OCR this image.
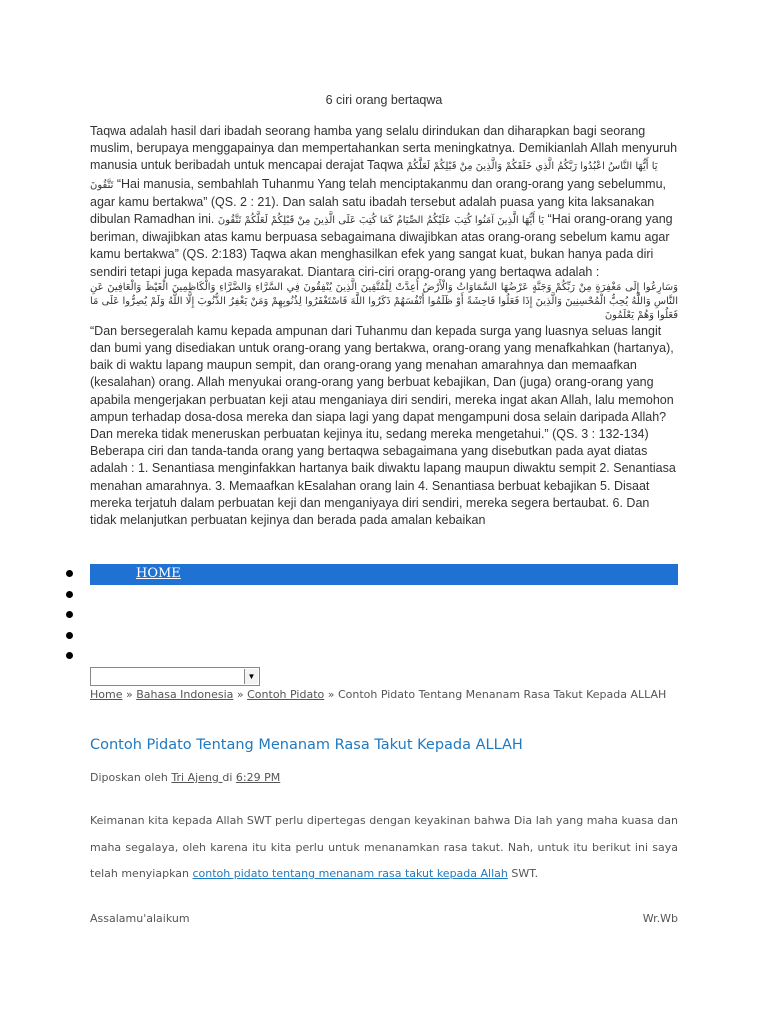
6 ciri orang bertaqwa

Taqwa adalah hasil dari ibadah seorang hamba yang selalu dirindukan dan diharapkan bagi seorang muslim, berupaya menggapainya dan mempertahankan serta meningkatnya. Demikianlah Allah menyuruh manusia untuk beribadah untuk mencapai derajat Taqwa يَا أَيُّهَا النَّاسُ اعْبُدُوا رَبَّكُمُ الَّذِي خَلَقَكُمْ وَالَّذِينَ مِنْ قَبْلِكُمْ لَعَلَّكُمْ تَتَّقُونَ “Hai manusia, sembahlah Tuhanmu Yang telah menciptakanmu dan orang-orang yang sebelummu, agar kamu bertakwa” (QS. 2 : 21). Dan salah satu ibadah tersebut adalah puasa yang kita laksanakan dibulan Ramadhan ini. يَا أَيُّهَا الَّذِينَ آمَنُوا كُتِبَ عَلَيْكُمُ الصِّيَامُ كَمَا كُتِبَ عَلَى الَّذِينَ مِنْ قَبْلِكُمْ لَعَلَّكُمْ تَتَّقُونَ “Hai orang-orang yang beriman, diwajibkan atas kamu berpuasa sebagaimana diwajibkan atas orang-orang sebelum kamu agar kamu bertakwa” (QS. 2:183) Taqwa akan menghasilkan efek yang sangat kuat, bukan hanya pada diri sendiri tetapi juga kepada masyarakat. Diantara ciri-ciri orang-orang yang bertaqwa adalah :

وَسَارِعُوا إِلَى مَغْفِرَةٍ مِنْ رَبِّكُمْ وَجَنَّةٍ عَرْضُهَا السَّمَاوَاتُ وَالْأَرْضُ أُعِدَّتْ لِلْمُتَّقِينَ الَّذِينَ يُنْفِقُونَ فِي السَّرَّاءِ وَالضَّرَّاءِ وَالْكَاظِمِينَ الْغَيْظَ وَالْعَافِينَ عَنِ النَّاسِ وَاللَّهُ يُحِبُّ الْمُحْسِنِينَ وَالَّذِينَ إِذَا فَعَلُوا فَاحِشَةً أَوْ ظَلَمُوا أَنْفُسَهُمْ ذَكَرُوا اللَّهَ فَاسْتَغْفَرُوا لِذُنُوبِهِمْ وَمَنْ يَغْفِرُ الذُّنُوبَ إِلَّا اللَّهُ وَلَمْ يُصِرُّوا عَلَى مَا فَعَلُوا وَهُمْ يَعْلَمُونَ

“Dan bersegeralah kamu kepada ampunan dari Tuhanmu dan kepada surga yang luasnya seluas langit dan bumi yang disediakan untuk orang-orang yang bertakwa, orang-orang yang menafkahkan (hartanya), baik di waktu lapang maupun sempit, dan orang-orang yang menahan amarahnya dan memaafkan (kesalahan) orang. Allah menyukai orang-orang yang berbuat kebajikan, Dan (juga) orang-orang yang apabila mengerjakan perbuatan keji atau menganiaya diri sendiri, mereka ingat akan Allah, lalu memohon ampun terhadap dosa-dosa mereka dan siapa lagi yang dapat mengampuni dosa selain daripada Allah? Dan mereka tidak meneruskan perbuatan kejinya itu, sedang mereka mengetahui.” (QS. 3 : 132-134) Beberapa ciri dan tanda-tanda orang yang bertaqwa sebagaimana yang disebutkan pada ayat diatas adalah : 1. Senantiasa menginfakkan hartanya baik diwaktu lapang maupun diwaktu sempit 2. Senantiasa menahan amarahnya. 3. Memaafkan kEsalahan orang lain 4. Senantiasa berbuat kebajikan 5. Disaat mereka terjatuh dalam perbuatan keji dan menganiyaya diri sendiri, mereka segera bertaubat. 6. Dan tidak melanjutkan perbuatan kejinya dan berada pada amalan kebaikan

HOME
▼
Home » Bahasa Indonesia » Contoh Pidato » Contoh Pidato Tentang Menanam Rasa Takut Kepada ALLAH
Contoh Pidato Tentang Menanam Rasa Takut Kepada ALLAH
Diposkan oleh Tri Ajeng di 6:29 PM
Keimanan kita kepada Allah SWT perlu dipertegas dengan keyakinan bahwa Dia lah yang maha kuasa dan maha segalaya, oleh karena itu kita perlu untuk menanamkan rasa takut. Nah, untuk itu berikut ini saya telah menyiapkan contoh pidato tentang menanam rasa takut kepada Allah SWT.
Assalamu'alaikum	Wr.Wb
